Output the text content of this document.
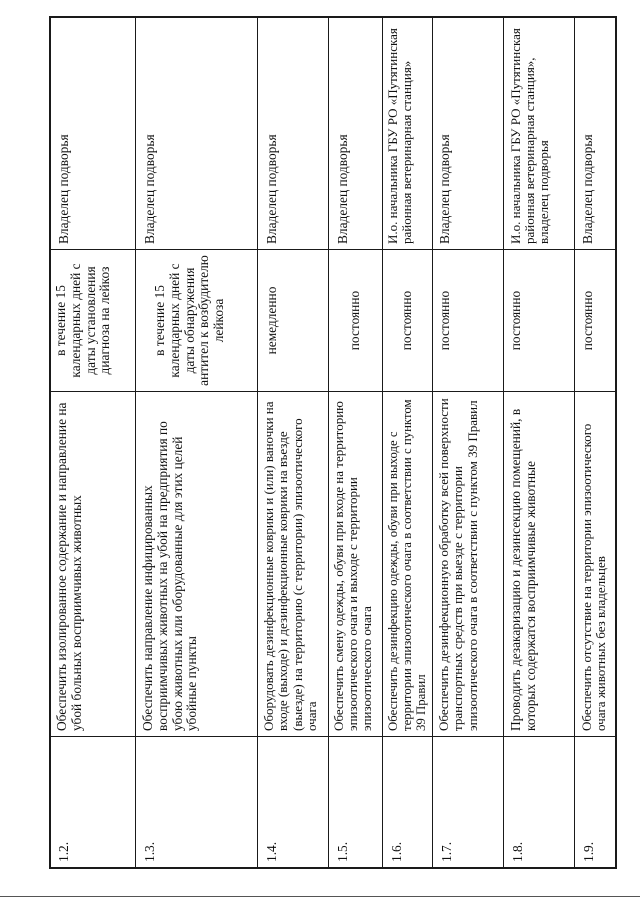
1.2.
Обеспечить изолированное содержание и направление на убой больных восприимчивых животных
в течение 15 календарных дней с даты установления диагноза на лейкоз
Владелец подворья
1.3.
Обеспечить направление инфицированных восприимчивых животных на убой на предприятия по убою животных или оборудованные для этих целей убойные пункты
в течение 15 календарных дней с даты обнаружения антител к возбудителю лейкоза
Владелец подворья
1.4.
Оборудовать дезинфекционные коврики и (или) ваночки на входе (выходе) и дезинфекционные коврики на въезде (выезде) на территорию (с территории) эпизоотического очага
немедленно
Владелец подворья
1.5.
Обеспечить смену одежды, обуви при входе на территорию эпизоотического очага и выходе с территории эпизоотического очага
постоянно
Владелец подворья
1.6.
Обеспечить дезинфекцию одежды, обуви при выходе с территории эпизоотического очага в соответствии с пунктом 39 Правил
постоянно
И.о. начальника ГБУ РО «Путятинская районная ветеринарная станция»
1.7.
Обеспечить дезинфекционную обработку всей поверхности транспортных средств при выезде с территории эпизоотического очага в соответствии с пунктом 39 Правил
постоянно
Владелец подворья
1.8.
Проводить дезакаризацию и дезинсекцию помещений, в которых содержатся восприимчивые животные
постоянно
И.о. начальника ГБУ РО «Путятинская районная ветеринарная станция», владелец подворья
1.9.
Обеспечить отсутствие на территории эпизоотического очага животных без владельцев
постоянно
Владелец подворья
